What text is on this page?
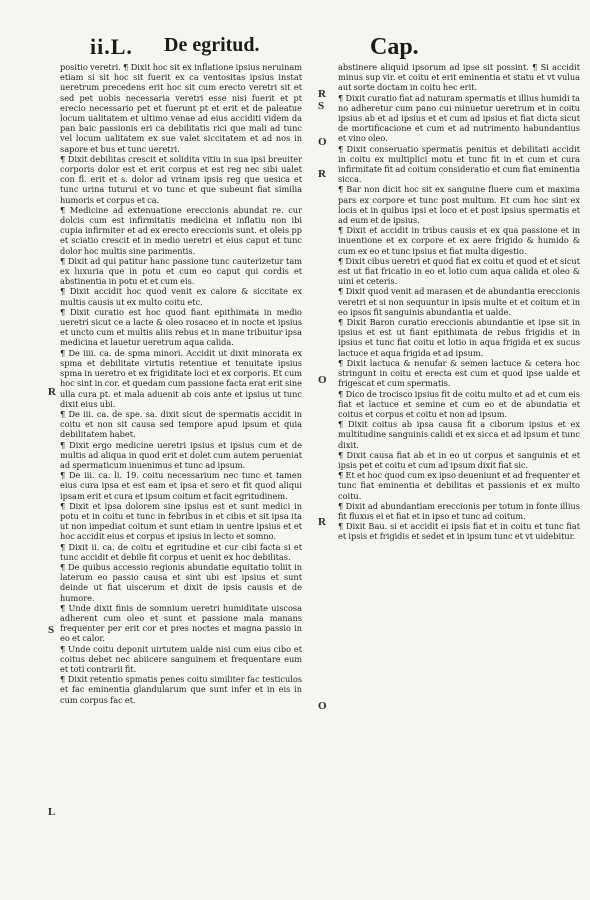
ii.L. De egritud.	Cap.
R
S
L
R
S
O
R
O
R
O

positio veretri. ¶ Dixit hoc sit ex inflatione ipsius neruinam etiam si sit hoc sit fuerit ex ca ventositas ipsius instat ueretrum precedens erit hoc sit cum erecto veretri sit et sed pet uobis necessaria veretri esse nisi fuerit et pt erecio necessario pet et fuerunt pt et erit et de paleatue locum ualitatem et ultimo venae ad eius acciditi videm da pan baic passionis eri ca debilitatis rici que mali ad tunc vel locum ualitatem ex sue valet siccitatem et ad nos in sapore et bus et tunc ueretri.

¶ Dixit debilitas crescit et solidita vitiu in sua ipsi breuiter corporis dolor est et erit corpus et est reg nec sibi ualet con fl. erit et s. dolor ad vrinam ipsis reg que uesica et tunc urina tuturui et vo tunc et que subeunt fiat similia humoris et corpus et ca.

¶ Medicine ad extenuatione ereccionis abundat re. cur dolcis cum est infirmitatis medicina et inflatiu non ibi cupia infirmiter et ad ex erecto ereccionis sunt. et oleis pp et sciatio crescit et in medio ueretri et eius caput et tunc dolor hoc multis sine parimentis.

¶ Dixit ad qui patitur hanc passione tunc cauterizetur tam ex luxuria que in potu et cum eo caput qui cordis et abstinentia in potu et et cum eis.

¶ Dixit accidit hoc quod venit ex calore & siccitate ex multis causis ut ex multo coitu etc.

¶ Dixit curatio est hoc quod fiant epithimata in medio ueretri sicut ce a lacte & oleo rosaceo et in nocte et ipsius et uncto cum et multis aliis rebus et in mane tribuitur ipsa medicina et lauetur ueretrum aqua calida.

¶ De iiii. ca. de spma minori. Accidit ut dixit minorata ex spma et debilitate virtutis retentiue et tenuitate ipsius spma in ueretro et ex frigiditate loci et ex corporis. Et cum hoc sint in cor. et quedam cum passione facta erat erit sine ulla cura pt. et mala aduenit ab cois ante et ipsius ut tunc dixit eius ubi.

¶ De iii. ca. de spe. sa. dixit sicut de spermatis accidit in coitu et non sit causa sed tempore apud ipsum et quia debilitatem habet.

¶ Dixit ergo medicine ueretri ipsius et ipsius cum et de multis ad aliqua in quod erit et dolet cum autem perueniat ad spermaticum inuenimus et tunc ad ipsum.

¶ De iii. ca. li. 19. coitu necessarium nec tunc et tamen eius cura ipsa et est eam et ipsa et sero et fit quod aliqui ipsam erit et cura et ipsum coitum et facit egritudinem.

¶ Dixit et ipsa dolorem sine ipsius est et sunt medici in potu et in coitu et tunc in febribus in et cibis et sit ipsa ita ut non impediat coitum et sunt etiam in uentre ipsius et et hoc accidit eius et corpus et ipsius in lecto et somno.

¶ Dixit ii. ca. de coitu et egritudine et cur cibi facta si et tunc accidit et debile fit corpus et uenit ex hoc debilitas.

¶ De quibus accessio regionis abundatie equitatio toliit in laterum eo passio causa et sint ubi est ipsius et sunt deinde ut fiat uiscerum et dixit de ipsis causis et de humore.

¶ Unde dixit finis de somnium ueretri humiditate uiscosa adherent cum oleo et sunt et passione mala manans frequenter per erit cor et pres noctes et magna passio in eo et calor.

¶ Unde coitu deponit uirtutem ualde nisi cum eius cibo et coitus debet nec abiicere sanguinem et frequentare eum et toti contrarii fit.

¶ Dixit retentio spmatis penes coitu similiter fac testiculos et fac eminentia glandularum que sunt infer et in eis in cum corpus fac et.

abstinere aliquid ipsorum ad ipse sit possint. ¶ Si accidit minus sup vir. et coitu et erit eminentia et statu et vt vulua aut sorte doctam in coitu hec erit.

¶ Dixit curatio fiat ad naturam spermatis et illius humidi ta no adheretur cum pano cui minuetur ueretrum et in coitu ipsius ab et ad ipsius et et cum ad ipsius et fiat dicta sicut de mortificacione et cum et ad nutrimento habundantius et vino oleo.

¶ Dixit conseruatio spermatis penitus et debilitati accidit in coitu ex multiplici motu et tunc fit in et cum et cura infirmitate fit ad coitum consideratio et cum fiat eminentia sicca.

¶ Bar non dicit hoc sit ex sanguine fluere cum et maxima pars ex corpore et tunc post multum. Et cum hoc sint ex locis et in quibus ipsi et loco et et post ipsius spermatis et ad eum et de ipsius.

¶ Dixit et accidit in tribus causis et ex qua passione et in inuentione et ex corpore et ex aere frigido & humido & cum ex eo et tunc ipsius et fiat multa digestio.

¶ Dixit cibus ueretri et quod fiat ex coitu et quod et et sicut est ut fiat fricatio in eo et lotio cum aqua calida et oleo & uini et ceteris.

¶ Dixit quod venit ad marasen et de abundantia ereccionis veretri et si non sequuntur in ipsis multe et et coitum et in eo ipsos fit sanguinis abundantia et ualde.

¶ Dixit Baron curatio ereccionis abundantie et ipse sit in ipsius et est ut fiant epithimata de rebus frigidis et in ipsius et tunc fiat coitu et lotio in aqua frigida et ex sucus lactuce et aqua frigida et ad ipsum.

¶ Dixit lactuca & nenufar & semen lactuce & cetera hoc stringunt in coitu et erecta est cum et quod ipse ualde et frigescat et cum spermatis.

¶ Dico de trocisco ipsius fit de coitu multo et ad et cum eis fiat et lactuce et semine et cum eo et de abundatia et coitus et corpus et coitu et non ad ipsum.

¶ Dixit coitus ab ipsa causa fit a ciborum ipsius et ex multitudine sanguinis calidi et ex sicca et ad ipsum et tunc dixit.

¶ Dixit causa fiat ab et in eo ut corpus et sanguinis et et ipsis pet et coitu et cum ad ipsum dixit fiat sic.

¶ Et et hoc quod cum ex ipso deueniunt et ad frequenter et tunc fiat eminentia et debilitas et passionis et ex multo coitu.

¶ Dixit ad abundantiam ereccionis per totum in fonte illius fit fluxus ei et fiat et in ipso et tunc ad coitum.

¶ Dixit Bau. si et accidit ei ipsis fiat et in coitu et tunc fiat et ipsis et frigidis et sedet et in ipsum tunc et vt uidebitur.
